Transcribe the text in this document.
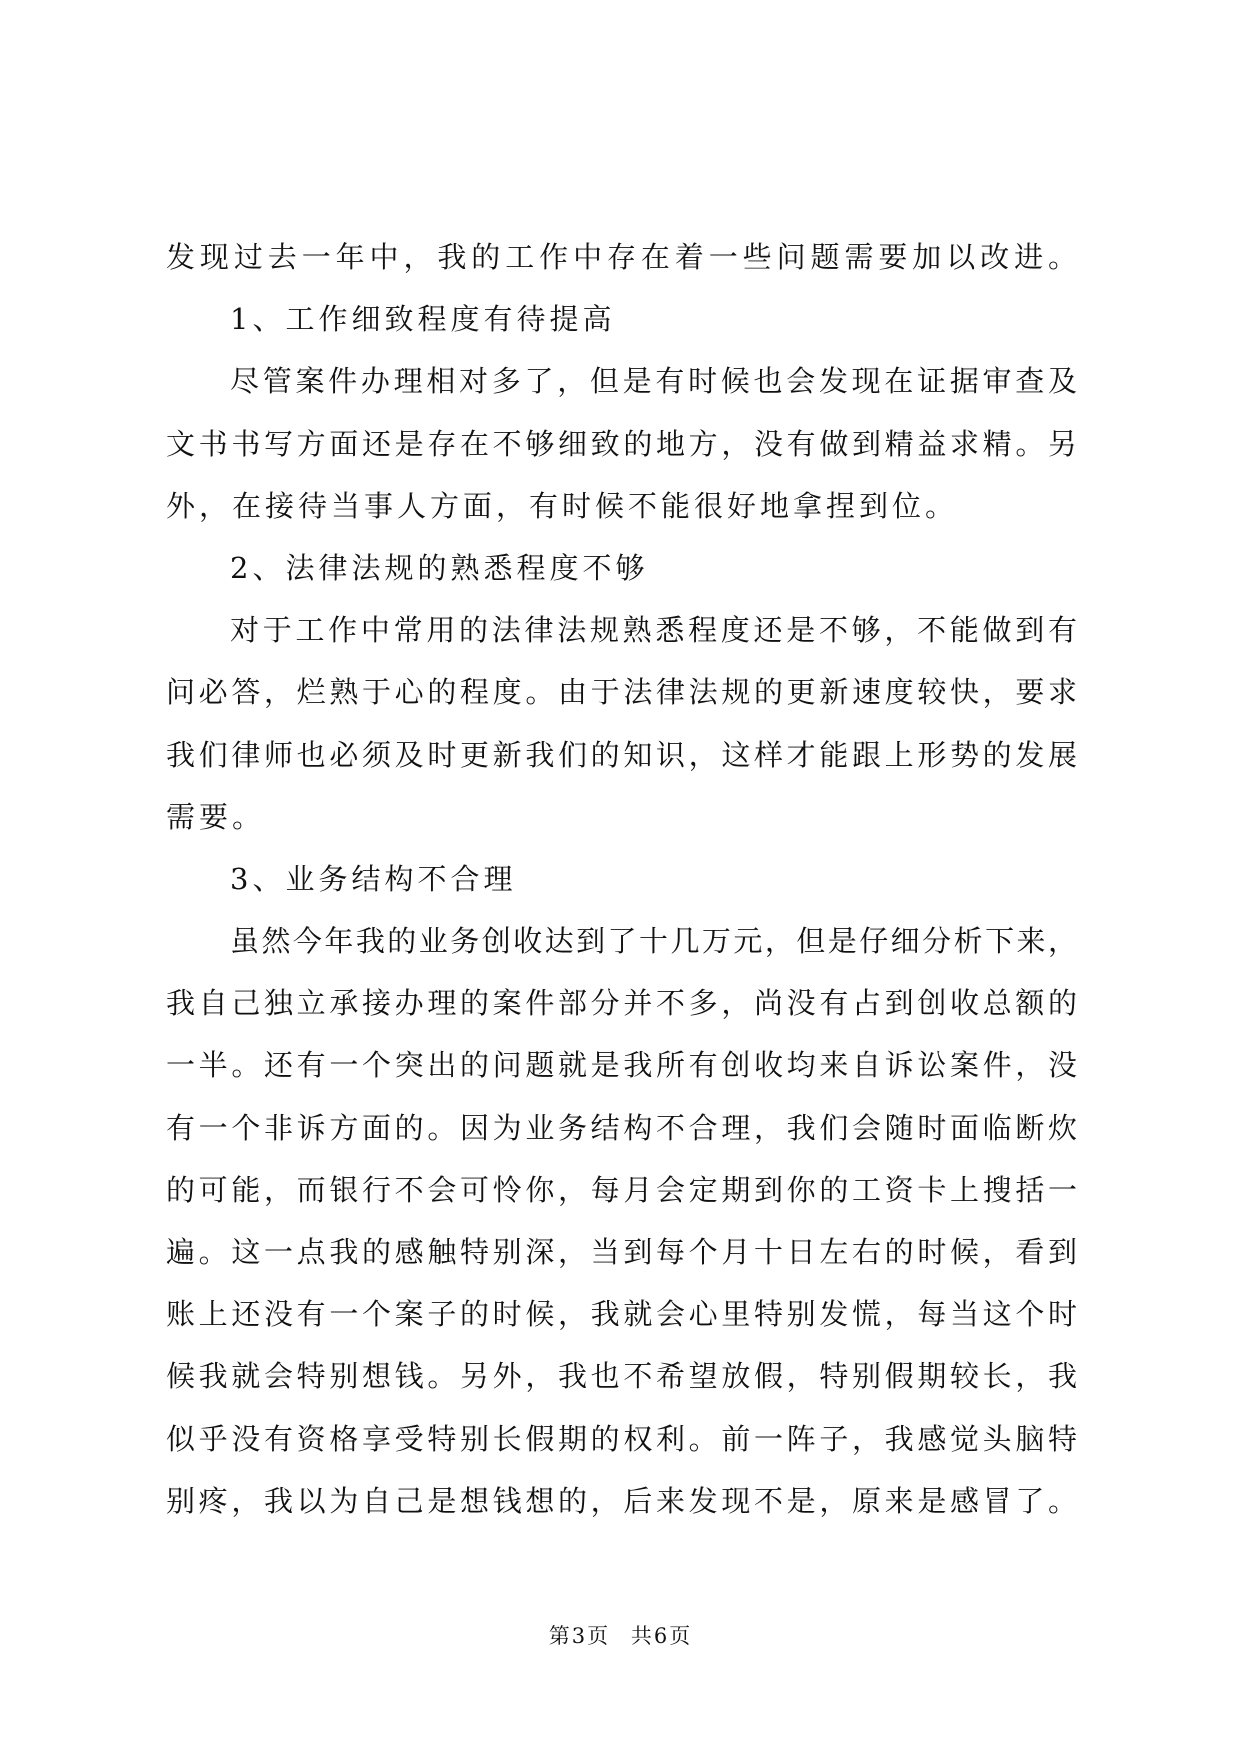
发现过去一年中，我的工作中存在着一些问题需要加以改进。
1、工作细致程度有待提高
尽管案件办理相对多了，但是有时候也会发现在证据审查及
文书书写方面还是存在不够细致的地方，没有做到精益求精。另
外，在接待当事人方面，有时候不能很好地拿捏到位。
2、法律法规的熟悉程度不够
对于工作中常用的法律法规熟悉程度还是不够，不能做到有
问必答，烂熟于心的程度。由于法律法规的更新速度较快，要求
我们律师也必须及时更新我们的知识，这样才能跟上形势的发展
需要。
3、业务结构不合理
虽然今年我的业务创收达到了十几万元，但是仔细分析下来，
我自己独立承接办理的案件部分并不多，尚没有占到创收总额的
一半。还有一个突出的问题就是我所有创收均来自诉讼案件，没
有一个非诉方面的。因为业务结构不合理，我们会随时面临断炊
的可能，而银行不会可怜你，每月会定期到你的工资卡上搜括一
遍。这一点我的感触特别深，当到每个月十日左右的时候，看到
账上还没有一个案子的时候，我就会心里特别发慌，每当这个时
候我就会特别想钱。另外，我也不希望放假，特别假期较长，我
似乎没有资格享受特别长假期的权利。前一阵子，我感觉头脑特
别疼，我以为自己是想钱想的，后来发现不是，原来是感冒了。
第3页 共6页
